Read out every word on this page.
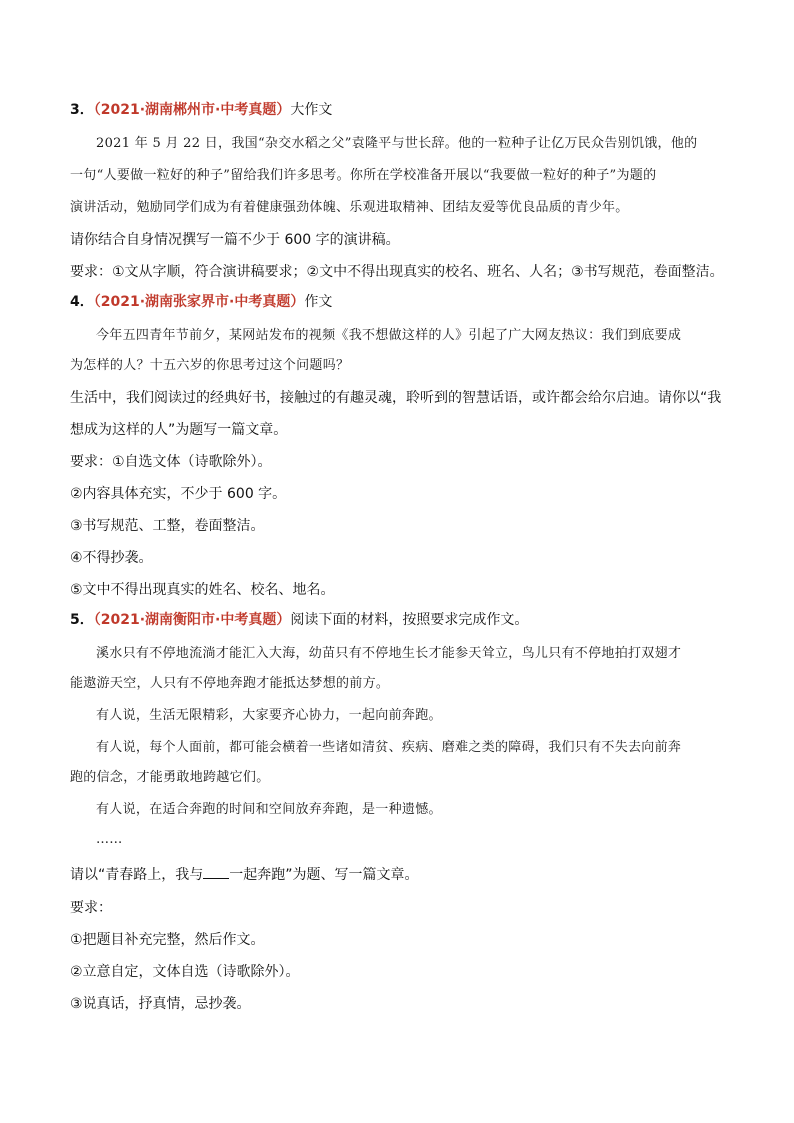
3．（2021·湖南郴州市·中考真题）大作文
2021 年 5 月 22 日，我国“杂交水稻之父”袁隆平与世长辞。他的一粒种子让亿万民众告别饥饿，他的
一句“人要做一粒好的种子”留给我们许多思考。你所在学校准备开展以“我要做一粒好的种子”为题的
演讲活动，勉励同学们成为有着健康强劲体魄、乐观进取精神、团结友爱等优良品质的青少年。
请你结合自身情况撰写一篇不少于 600 字的演讲稿。
要求：①文从字顺，符合演讲稿要求；②文中不得出现真实的校名、班名、人名；③书写规范，卷面整洁。
4．（2021·湖南张家界市·中考真题）作文
今年五四青年节前夕，某网站发布的视频《我不想做这样的人》引起了广大网友热议：我们到底要成
为怎样的人？十五六岁的你思考过这个问题吗？
生活中，我们阅读过的经典好书，接触过的有趣灵魂，聆听到的智慧话语，或许都会给尔启迪。请你以“我
想成为这样的人”为题写一篇文章。
要求：①自选文体（诗歌除外）。
②内容具体充实，不少于 600 字。
③书写规范、工整，卷面整洁。
④不得抄袭。
⑤文中不得出现真实的姓名、校名、地名。
5．（2021·湖南衡阳市·中考真题）阅读下面的材料，按照要求完成作文。
溪水只有不停地流淌才能汇入大海，幼苗只有不停地生长才能参天耸立，鸟儿只有不停地拍打双翅才
能遨游天空，人只有不停地奔跑才能抵达梦想的前方。
有人说，生活无限精彩，大家要齐心协力，一起向前奔跑。
有人说，每个人面前，都可能会横着一些诸如清贫、疾病、磨难之类的障碍，我们只有不失去向前奔
跑的信念，才能勇敢地跨越它们。
有人说，在适合奔跑的时间和空间放弃奔跑，是一种遗憾。
……
请以“青春路上，我与 一起奔跑”为题、写一篇文章。
要求：
①把题目补充完整，然后作文。
②立意自定，文体自选（诗歌除外）。
③说真话，抒真情，忌抄袭。
